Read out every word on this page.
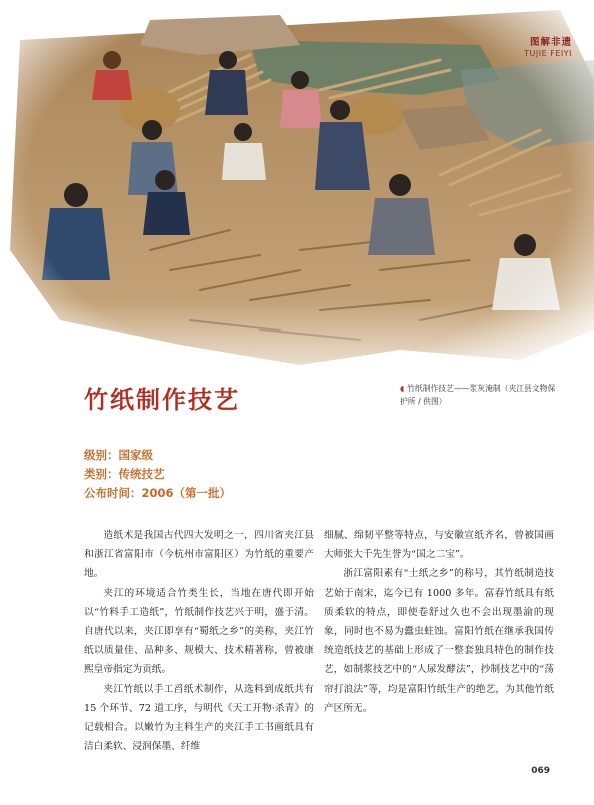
图解非遗
TUJIE FEIYI
竹纸制作技艺	◖ 竹纸制作技艺——浆灰淹制（夹江县文物保护所 / 供图）
级别：国家级
类别：传统技艺
公布时间：2006（第一批）

造纸术是我国古代四大发明之一，四川省夹江县和浙江省富阳市（今杭州市富阳区）为竹纸的重要产地。

夹江的环境适合竹类生长，当地在唐代即开始以“竹料手工造纸”，竹纸制作技艺兴于明，盛于清。自唐代以来，夹江即享有“蜀纸之乡”的美称，夹江竹纸以质量佳、品种多、规模大、技术精著称，曾被康熙皇帝指定为贡纸。

夹江竹纸以手工舀纸术制作，从选料到成纸共有 15 个环节、72 道工序，与明代《天工开物·杀青》的记载相合。以嫩竹为主料生产的夹江手工书画纸具有洁白柔软、浸润保墨、纤维

细腻、绵韧平整等特点，与安徽宣纸齐名，曾被国画大师张大千先生誉为“国之二宝”。

浙江富阳素有“土纸之乡”的称号，其竹纸制造技艺始于南宋，迄今已有 1000 多年。富春竹纸具有纸质柔软的特点，即使卷舒过久也不会出现墨渝的现象，同时也不易为蠹虫蛀蚀。富阳竹纸在继承我国传统造纸技艺的基础上形成了一整套独具特色的制作技艺，如制浆技艺中的“人尿发酵法”，抄制技艺中的“荡帘打浪法”等，均是富阳竹纸生产的绝艺，为其他竹纸产区所无。

069
